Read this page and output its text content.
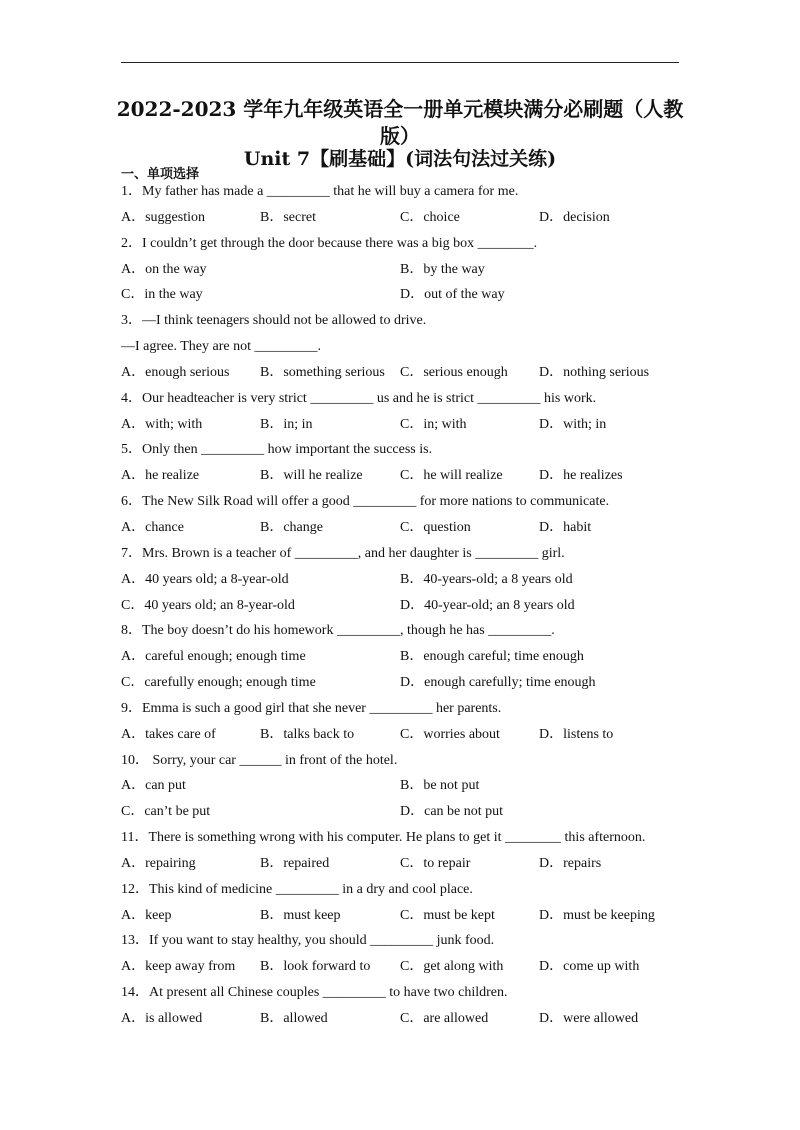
2022-2023 学年九年级英语全一册单元模块满分必刷题（人教
版）
Unit 7【刷基础】(词法句法过关练)
一、单项选择
1．My father has made a _________ that he will buy a camera for me.
A．suggestion	B．secret	C．choice	D．decision
2．I couldn’t get through the door because there was a big box ________.
A．on the way	B．by the way
C．in the way	D．out of the way
3．—I think teenagers should not be allowed to drive.
—I agree. They are not _________.
A．enough serious B．something serious C．serious enough D．nothing serious
4．Our headteacher is very strict _________ us and he is strict _________ his work.
A．with; with	B．in; in	C．in; with	D．with; in
5．Only then _________ how important the success is.
A．he realize	B．will he realize	C．he will realize	D．he realizes
6．The New Silk Road will offer a good _________ for more nations to communicate.
A．chance	B．change	C．question	D．habit
7．Mrs. Brown is a teacher of _________, and her daughter is _________ girl.
A．40 years old; a 8-year-old	B．40-years-old; a 8 years old
C．40 years old; an 8-year-old	D．40-year-old; an 8 years old
8．The boy doesn’t do his homework _________, though he has _________.
A．careful enough; enough time	B．enough careful; time enough
C．carefully enough; enough time	D．enough carefully; time enough
9．Emma is such a good girl that she never _________ her parents.
A．takes care of	B．talks back to	C．worries about	D．listens to
10． Sorry, your car ______ in front of the hotel.
A．can put	B．be not put
C．can’t be put	D．can be not put
11．There is something wrong with his computer. He plans to get it ________ this afternoon.
A．repairing	B．repaired	C．to repair	D．repairs
12．This kind of medicine _________ in a dry and cool place.
A．keep	B．must keep	C．must be kept	D．must be keeping
13．If you want to stay healthy, you should _________ junk food.
A．keep away from B．look forward to C．get along with	D．come up with
14．At present all Chinese couples _________ to have two children.
A．is allowed	B．allowed	C．are allowed	D．were allowed
